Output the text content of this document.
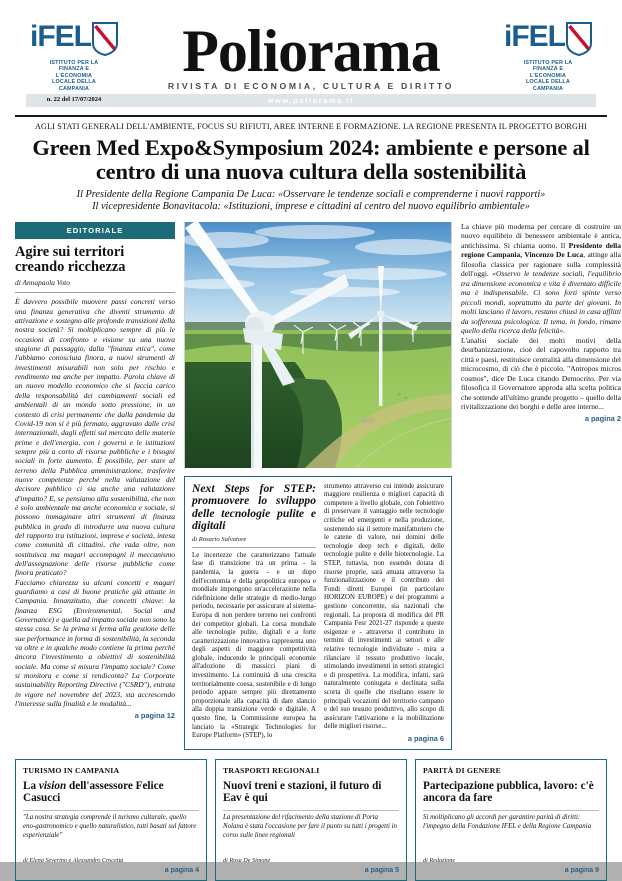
iFEL
ISTITUTO PER LA
FINANZA E
L'ECONOMIA
LOCALE DELLA
CAMPANIA
n. 22 del 17/07/2024
Poliorama
RIVISTA DI ECONOMIA, CULTURA E DIRITTO
iFEL
ISTITUTO PER LA
FINANZA E
L'ECONOMIA
LOCALE DELLA
CAMPANIA
www.poliorama.it
AGLI STATI GENERALI DELL'AMBIENTE, FOCUS SU RIFIUTI, AREE INTERNE E FORMAZIONE. LA REGIONE PRESENTA IL PROGETTO BORGHI
Green Med Expo&Symposium 2024: ambiente e persone al centro di una nuova cultura della sostenibilità
Il Presidente della Regione Campania De Luca: «Osservare le tendenze sociali e comprenderne i nuovi rapporti»
Il vicepresidente Bonavitacola: «Istituzioni, imprese e cittadini al centro del nuovo equilibrio ambientale»
EDITORIALE
Agire sui territori creando ricchezza
di Annapaola Voto

È davvero possibile muovere passi concreti verso una finanza generativa che diventi strumento di attivazione e sostegno alle profonde transizioni della nostra società? Si moltiplicano sempre di più le occasioni di confronto e visione su una nuova stagione di passaggio, dalla "finanza etica", come l'abbiamo conosciuta finora, a nuovi strumenti di investimenti misurabili non solo per rischio e rendimento ma anche per impatto. Parola chiave di un nuovo modello economico che si faccia carico della responsabilità dei cambiamenti sociali ed ambientali di un mondo sotto pressione, in un contesto di crisi permanente che dalla pandemia da Covid-19 non si è più fermato, aggravato dalle crisi internazionali, dagli effetti sul mercato delle materie prime e dell'energia, con i governi e le istituzioni sempre più a corto di risorse pubbliche e i bisogni sociali in forte aumento. È possibile, per stare al terreno della Pubblica amministrazione, trasferire nuove competenze perché nella valutazione del decisore pubblico ci sia anche una valutazione d'impatto? E, se pensiamo alla sostenibilità, che non è solo ambientale ma anche economica e sociale, si possono immaginare altri strumenti di finanza pubblica in grado di introdurre una nuova cultura del rapporto tra istituzioni, imprese e società, intesa come comunità di cittadini, che vada oltre, non sostituisca ma magari accompagni il meccanismo dell'assegnazione delle risorse pubbliche come finora praticato?

Facciamo chiarezza su alcuni concetti e magari guardiamo a casi di buone pratiche già attuate in Campania. Innanzitutto, due concetti chiave: la finanza ESG (Environmental, Social and Governance) e quella ad impatto sociale non sono la stessa cosa. Se la prima si ferma alla gestione delle sue performance in forma di sostenibilità, la seconda va oltre e in qualche modo contiene la prima perché àncora l'investimento a obiettivi di sostenibilità sociale. Ma come si misura l'impatto sociale? Come si monitora e come si rendiconta? La Corporate sustainability Reporting Directive ("CSRD"), entrata in vigore nel novembre del 2023, sta accrescendo l'interesse sulla finalità e le modalità...

a pagina 12
Next Steps for STEP: promuovere lo sviluppo delle tecnologie pulite e digitali
di Rosario Salvatore

Le incertezze che caratterizzano l'attuale fase di transizione tra un prima - la pandemia, la guerra - e un dopo dell'economia e della geopolitica europea e mondiale impongono un'accelerazione nella ridefinizione delle strategie di medio-lungo periodo, necessarie per assicurare al sistema-Europa di non perdere terreno nei confronti dei competitor globali. La corsa mondiale alle tecnologie pulite, digitali e a forte caratterizzazione innovativa rappresenta uno degli aspetti di maggiore competitività globale, inducendo le principali economie all'adozione di massicci piani di investimento. La continuità di una crescita territorialmente coesa, sostenibile e di lungo periodo appare sempre più direttamente proporzionale alla capacità di dare slancio alla doppia transizione verde e digitale. A questo fine, la Commissione europea ha lanciato la «Strategic Technologies for Europe Platform» (STEP), lo

strumento attraverso cui intende assicurare maggiore resilienza e migliori capacità di competere a livello globale, con l'obiettivo di preservare il vantaggio nelle tecnologie critiche ed emergenti e nella produzione, sostenendo sia il settore manifatturiero che le catene di valore, nei domini delle tecnologie deep tech e digitali, delle tecnologie pulite e delle biotecnologie. La STEP, tuttavia, non essendo dotata di risorse proprie, sarà attuata attraverso la funzionalizzazione e il contributo dei Fondi diretti Europei (in particolare HORIZON EUROPE) e dei programmi a gestione concorrente, sia nazionali che regionali. La proposta di modifica del PR Campania Fesr 2021-27 risponde a queste esigenze e - attraverso il contributo in termini di investimenti ai settori e alle relative tecnologie individuate - mira a rilanciare il tessuto produttivo locale, stimolando investimenti in settori strategici e di prospettiva. La modifica, infatti, sarà naturalmente coniugata e declinata sulla scorta di quelle che risultano essere le principali vocazioni del territorio campano e del suo tessuto produttivo, allo scopo di assicurare l'attivazione e la mobilitazione delle migliori risorse...

a pagina 6

La chiave più moderna per cercare di costruire un nuovo equilibrio di benessere ambientale è antica, antichissima. Si chiama uomo. Il Presidente della regione Campania, Vincenzo De Luca, attinge alla filosofia classica per ragionare sulla complessità dell'oggi. «Osservo le tendenze sociali, l'equilibrio tra dimensione economica e vita è diventato difficile ma è indispensabile. Ci sono forti spinte verso piccoli mondi, soprattutto da parte dei giovani. In molti lasciano il lavoro, restano chiusi in casa afflitti da sofferenza psicologica. Il tema, in fondo, rimane quello della ricerca della felicità».

L'analisi sociale dei molti motivi della deurbanizzazione, cioè del capovolto rapporto tra città e paesi, restituisce centralità alla dimensione del microcosmo, di ciò che è piccolo. "Antropos micros cosmos", dice De Luca citando Democrito. Per via filosofica il Governatore approda alla scelta politica che sottende all'ultimo grande progetto – quello della rivitalizzazione dei borghi e delle aree interne...

a pagina 2
TURISMO IN CAMPANIA
La vision dell'assessore Felice Casucci

"La nostra strategia comprende il turismo culturale, quello eno-gastronomico e quello naturalistico, tutti basati sul fattore esperienziale"

di Elena Severino e Alessandro Crocetta
a pagina 4
TRASPORTI REGIONALI
Nuovi treni e stazioni, il futuro di Eav è qui

La presentazione del rifacimento della stazione di Porta Nolana è stata l'occasione per fare il punto su tutti i progetti in corso sulle linee regionali

di Rosa De Simone
a pagina 5
PARITÀ DI GENERE
Partecipazione pubblica, lavoro: c'è ancora da fare

Si moltiplicano gli accordi per garantire parità di diritti: l'impegno della Fondazione IFEL e della Regione Campania

di Redazione
a pagina 9
